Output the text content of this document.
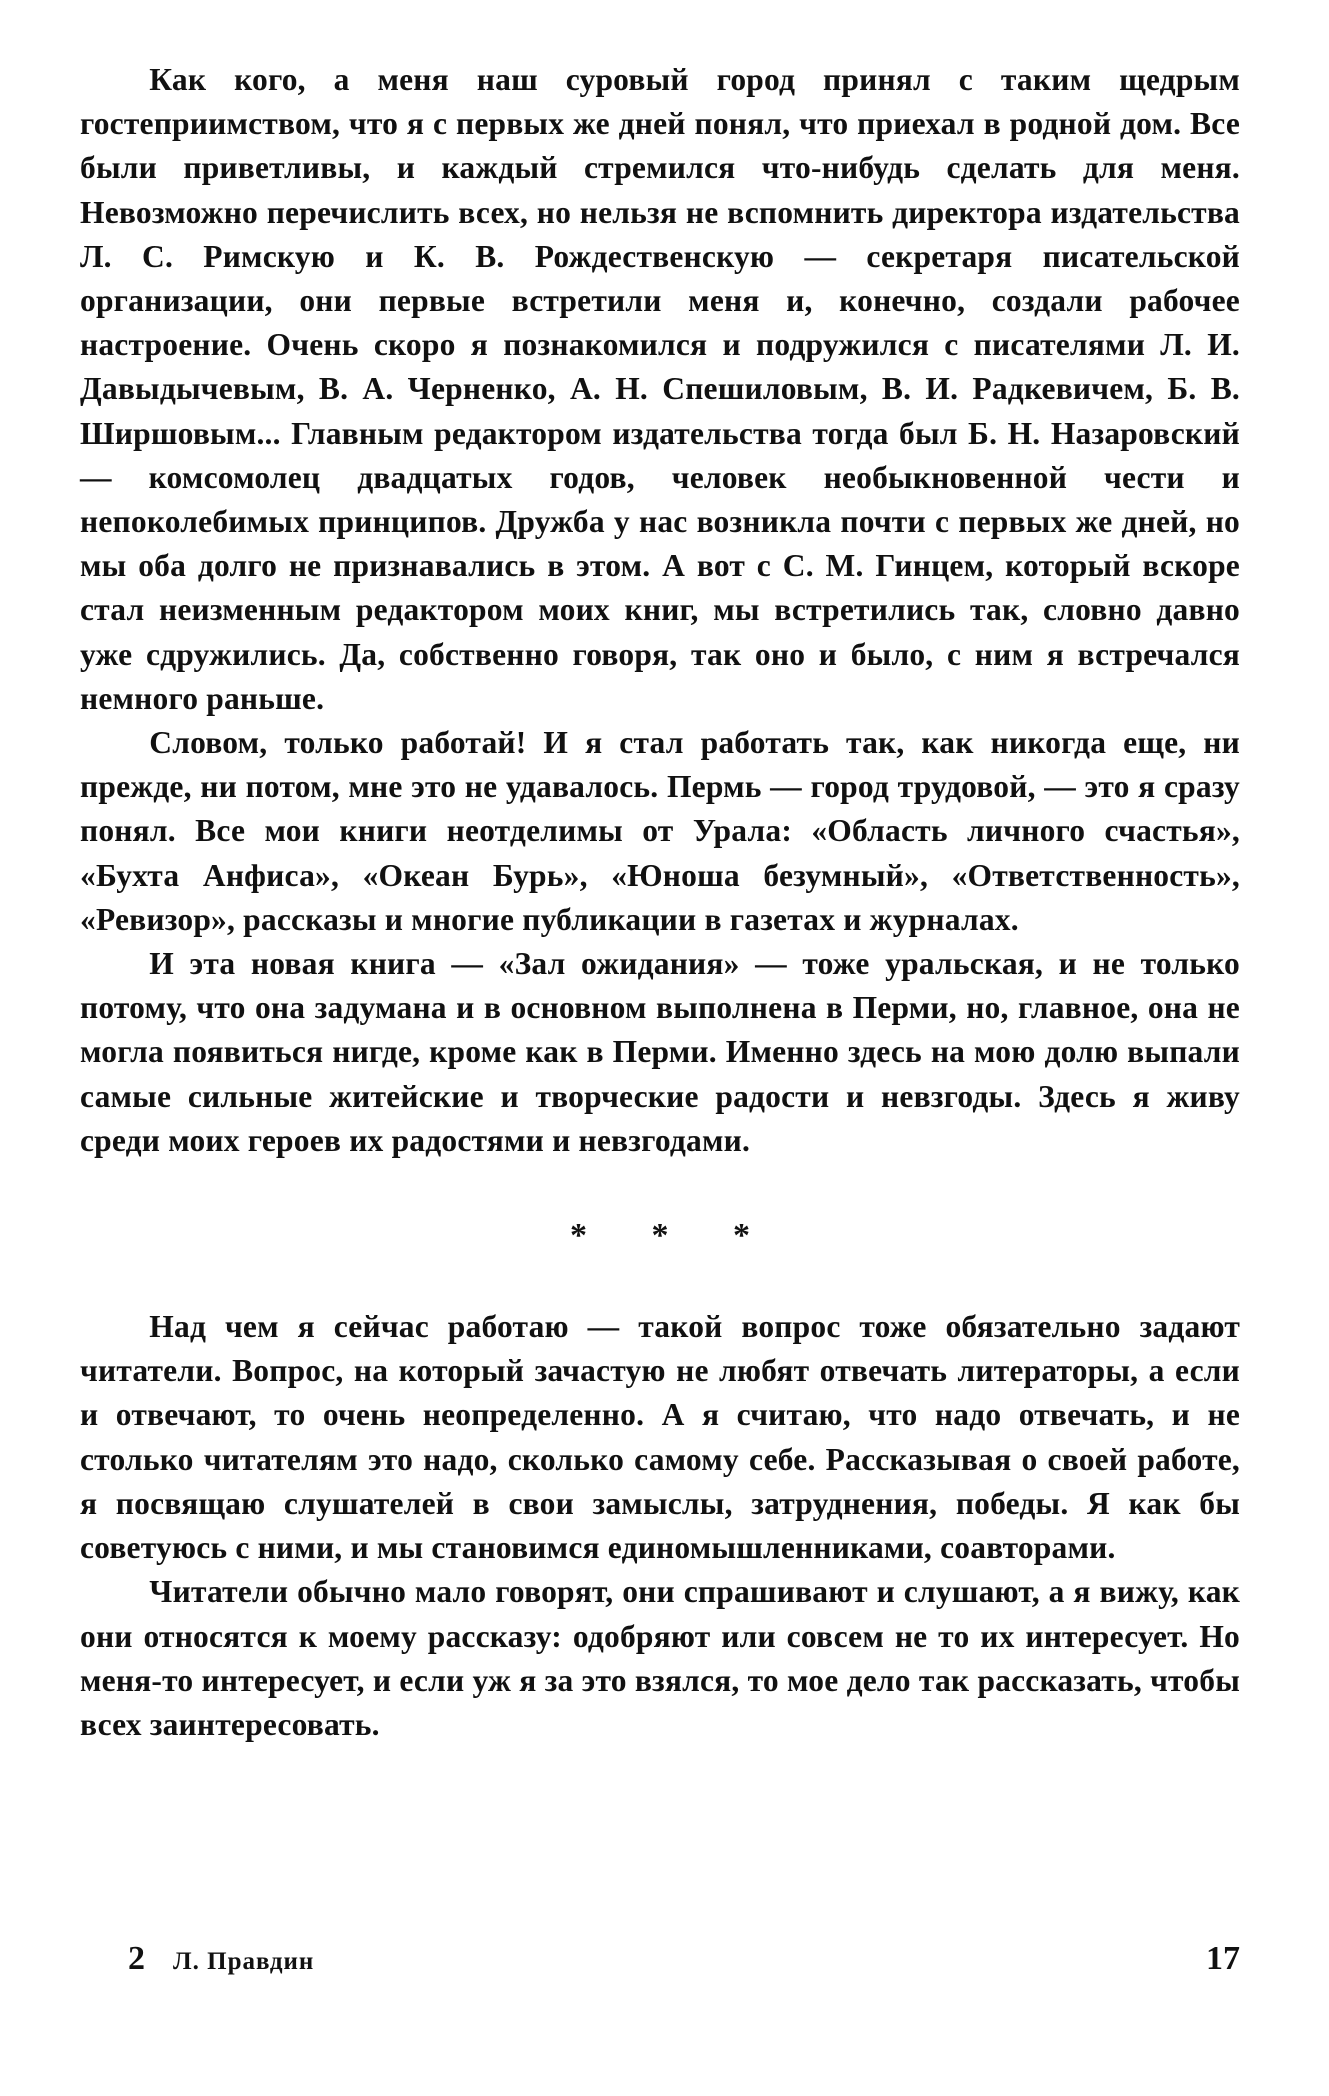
Как кого, а меня наш суровый город принял с таким щедрым гостеприимством, что я с первых же дней понял, что приехал в родной дом. Все были приветливы, и каждый стремился что-нибудь сделать для меня. Невозможно перечислить всех, но нельзя не вспомнить директора издательства Л. С. Римскую и К. В. Рождественскую — секретаря писательской организации, они первые встретили меня и, конечно, создали рабочее настроение. Очень скоро я познакомился и подружился с писателями Л. И. Давыдычевым, В. А. Черненко, А. Н. Спешиловым, В. И. Радкевичем, Б. В. Ширшовым... Главным редактором издательства тогда был Б. Н. Назаровский — комсомолец двадцатых годов, человек необыкновенной чести и непоколебимых принципов. Дружба у нас возникла почти с первых же дней, но мы оба долго не признавались в этом. А вот с С. М. Гинцем, который вскоре стал неизменным редактором моих книг, мы встретились так, словно давно уже сдружились. Да, собственно говоря, так оно и было, с ним я встречался немного раньше.

Словом, только работай! И я стал работать так, как никогда еще, ни прежде, ни потом, мне это не удавалось. Пермь — город трудовой, — это я сразу понял. Все мои книги неотделимы от Урала: «Область личного счастья», «Бухта Анфиса», «Океан Бурь», «Юноша безумный», «Ответственность», «Ревизор», рассказы и многие публикации в газетах и журналах.

И эта новая книга — «Зал ожидания» — тоже уральская, и не только потому, что она задумана и в основном выполнена в Перми, но, главное, она не могла появиться нигде, кроме как в Перми. Именно здесь на мою долю выпали самые сильные житейские и творческие радости и невзгоды. Здесь я живу среди моих героев их радостями и невзгодами.

* * *

Над чем я сейчас работаю — такой вопрос тоже обязательно задают читатели. Вопрос, на который зачастую не любят отвечать литераторы, а если и отвечают, то очень неопределенно. А я считаю, что надо отвечать, и не столько читателям это надо, сколько самому себе. Рассказывая о своей работе, я посвящаю слушателей в свои замыслы, затруднения, победы. Я как бы советуюсь с ними, и мы становимся единомышленниками, соавторами.

Читатели обычно мало говорят, они спрашивают и слушают, а я вижу, как они относятся к моему рассказу: одобряют или совсем не то их интересует. Но меня-то интересует, и если уж я за это взялся, то мое дело так рассказать, чтобы всех заинтересовать.

2 Л. Правдин	17
